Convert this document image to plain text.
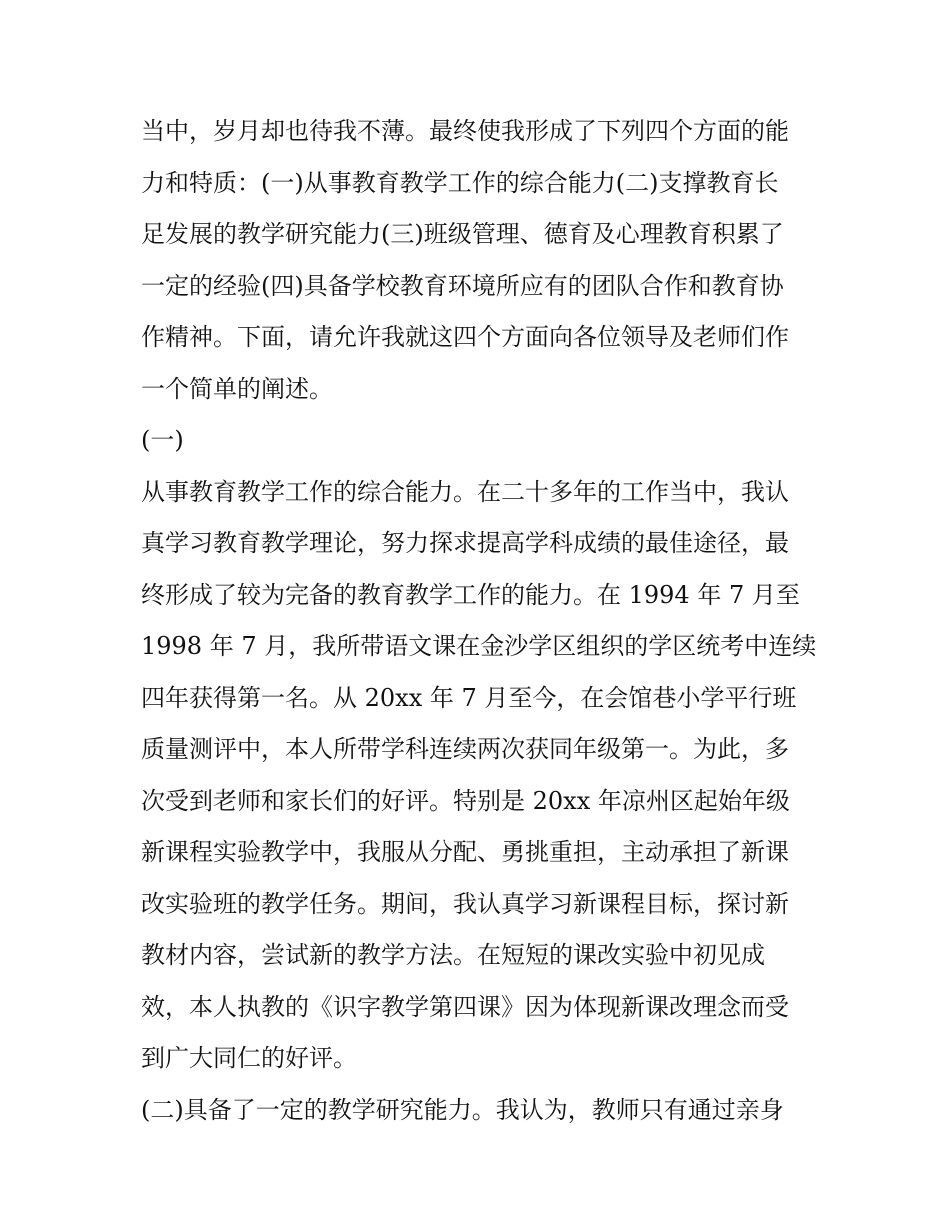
当中，岁月却也待我不薄。最终使我形成了下列四个方面的能
力和特质：(一)从事教育教学工作的综合能力(二)支撑教育长
足发展的教学研究能力(三)班级管理、德育及心理教育积累了
一定的经验(四)具备学校教育环境所应有的团队合作和教育协
作精神。下面，请允许我就这四个方面向各位领导及老师们作
一个简单的阐述。
(一)
从事教育教学工作的综合能力。在二十多年的工作当中，我认
真学习教育教学理论，努力探求提高学科成绩的最佳途径，最
终形成了较为完备的教育教学工作的能力。在 1994 年 7 月至
1998 年 7 月，我所带语文课在金沙学区组织的学区统考中连续
四年获得第一名。从 20xx 年 7 月至今，在会馆巷小学平行班
质量测评中，本人所带学科连续两次获同年级第一。为此，多
次受到老师和家长们的好评。特别是 20xx 年凉州区起始年级
新课程实验教学中，我服从分配、勇挑重担，主动承担了新课
改实验班的教学任务。期间，我认真学习新课程目标，探讨新
教材内容，尝试新的教学方法。在短短的课改实验中初见成
效，本人执教的《识字教学第四课》因为体现新课改理念而受
到广大同仁的好评。
(二)具备了一定的教学研究能力。我认为，教师只有通过亲身
